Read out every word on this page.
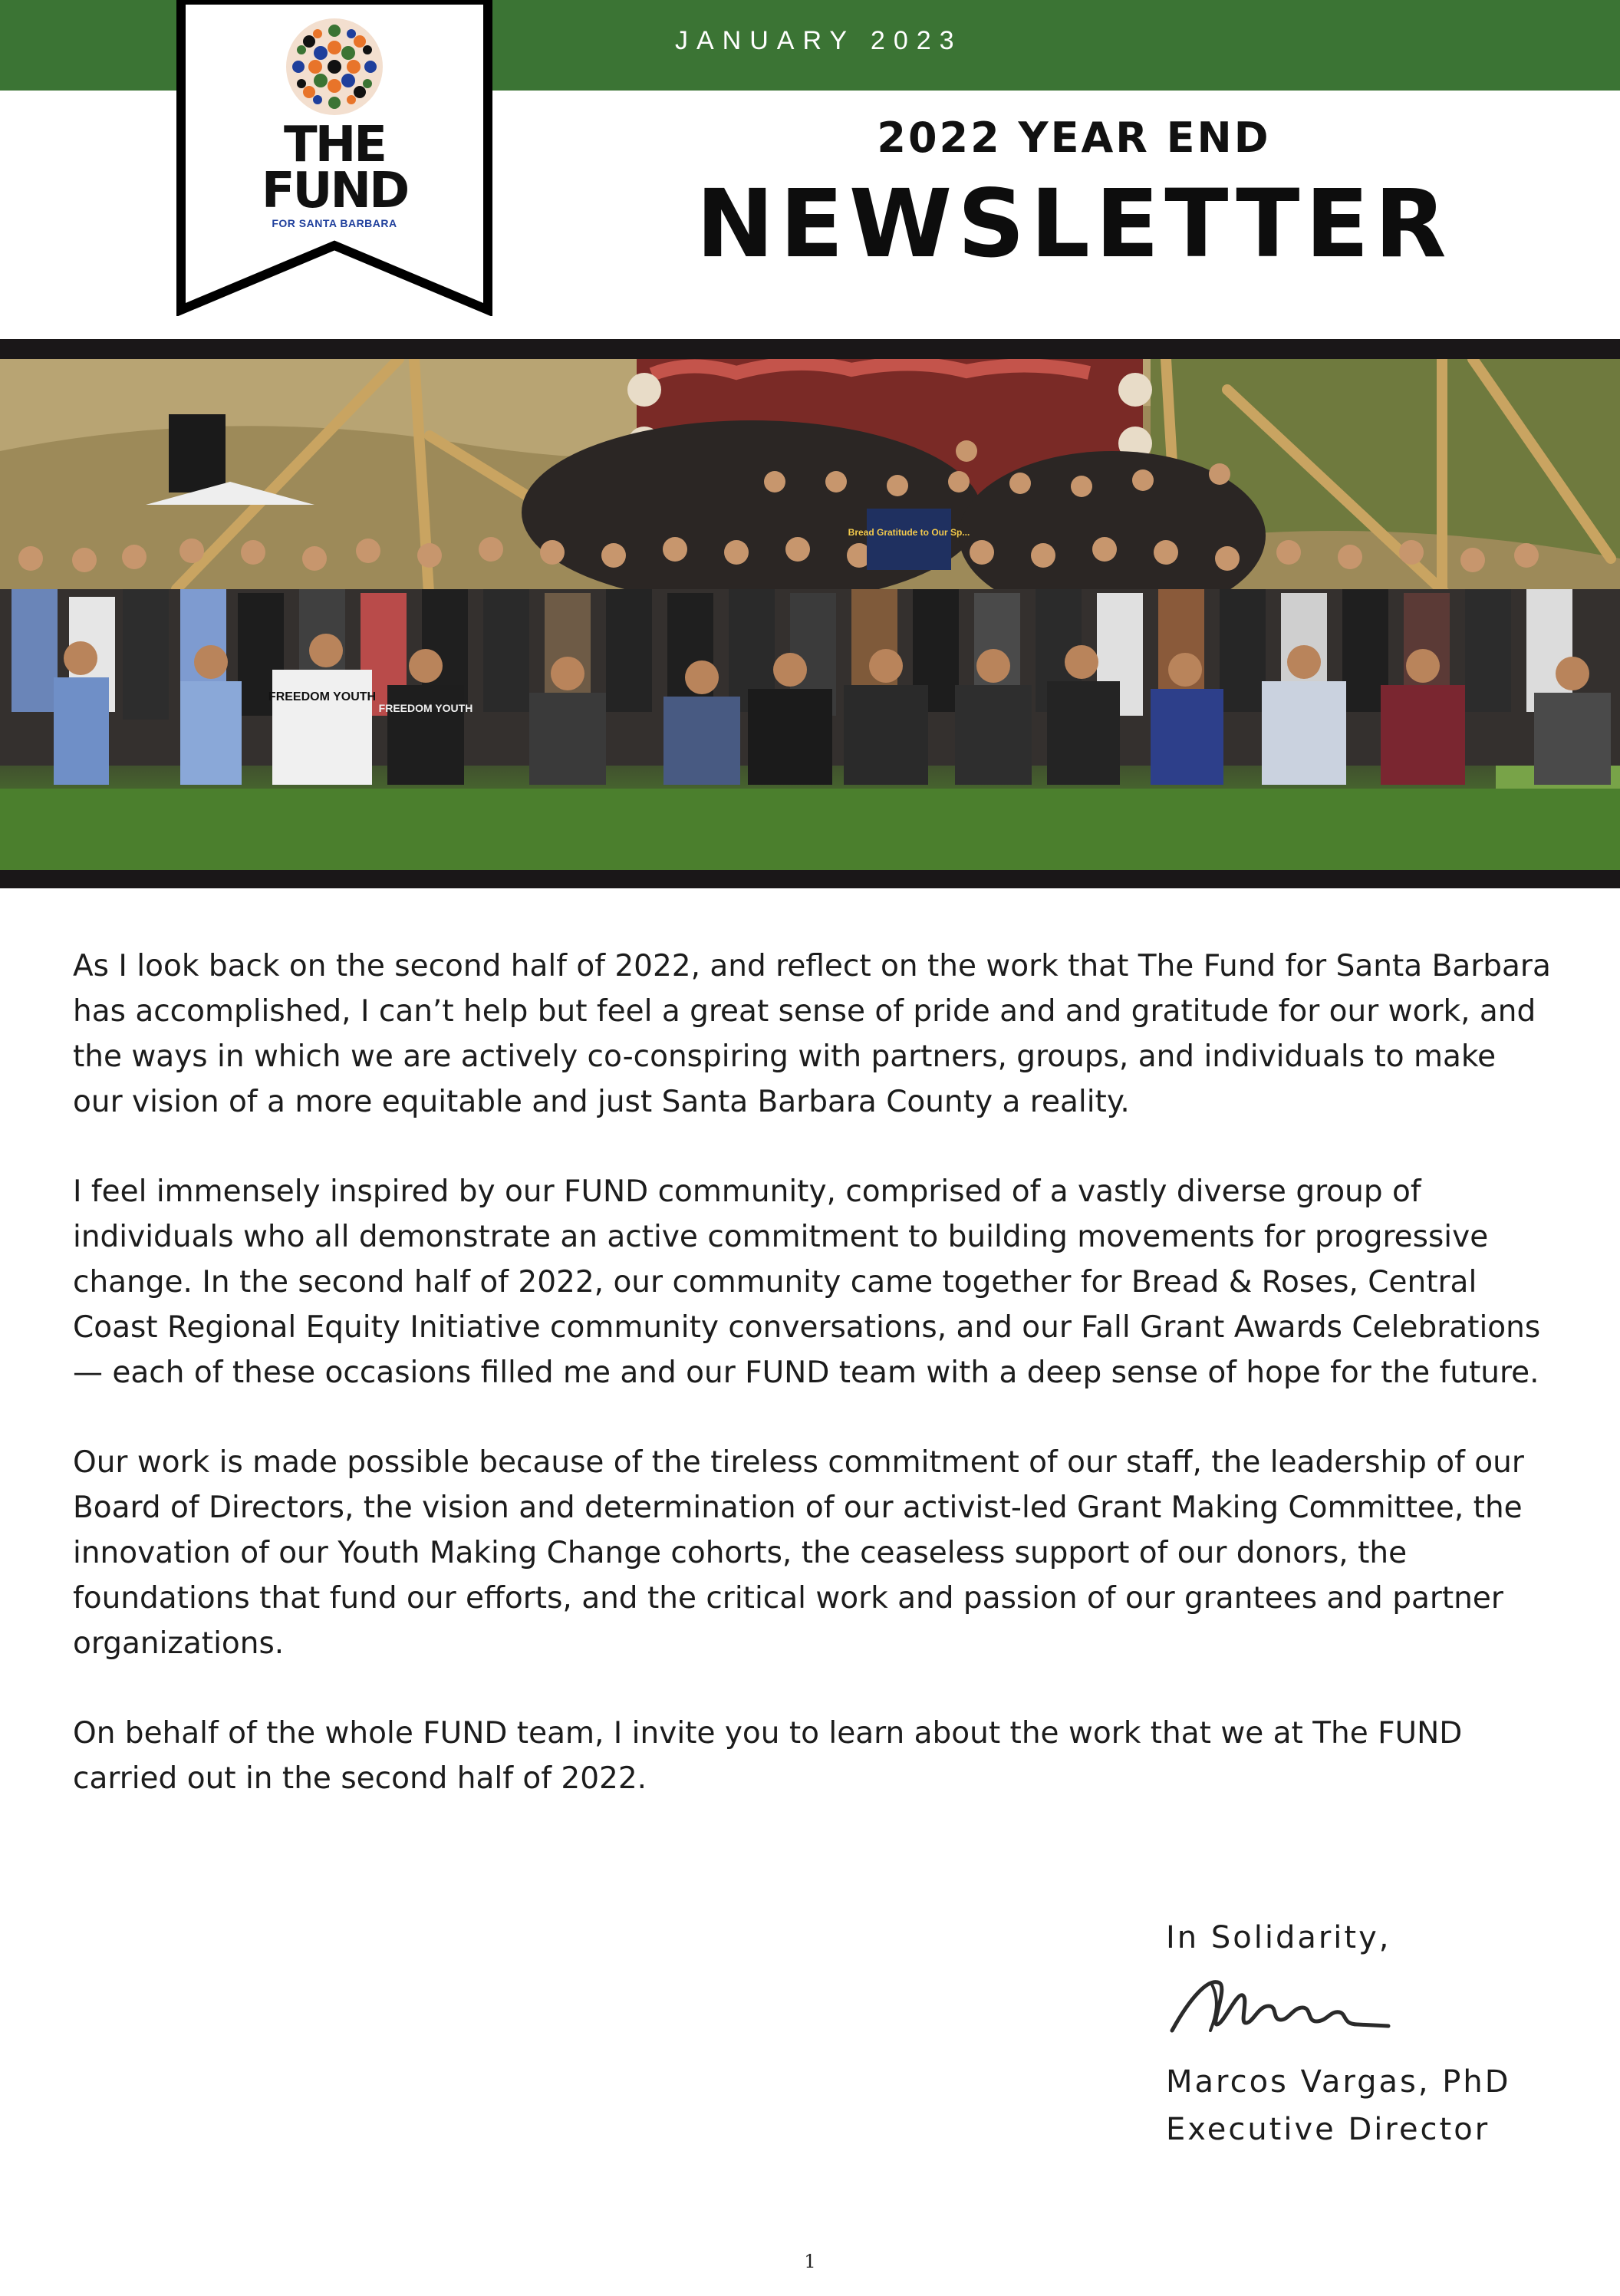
JANUARY 2023
THE
FUND
FOR SANTA BARBARA
2022 YEAR END
NEWSLETTER
FREEDOM YOUTH
FREEDOM YOUTH
Bread Gratitude to Our Sp...

As I look back on the second half of 2022, and reflect on the work that The Fund for Santa Barbara has accomplished, I can’t help but feel a great sense of pride and and gratitude for our work, and the ways in which we are actively co-conspiring with partners, groups, and individuals to make our vision of a more equitable and just Santa Barbara County a reality.

I feel immensely inspired by our FUND community, comprised of a vastly diverse group of individuals who all demonstrate an active commitment to building movements for progressive change. In the second half of 2022, our community came together for Bread & Roses, Central Coast Regional Equity Initiative community conversations, and our Fall Grant Awards Celebrations — each of these occasions filled me and our FUND team with a deep sense of hope for the future.

Our work is made possible because of the tireless commitment of our staff, the leadership of our Board of Directors, the vision and determination of our activist-led Grant Making Committee, the innovation of our Youth Making Change cohorts, the ceaseless support of our donors, the foundations that fund our efforts, and the critical work and passion of our grantees and partner organizations.

On behalf of the whole FUND team, I invite you to learn about the work that we at The FUND carried out in the second half of 2022.

In Solidarity,
Marcos Vargas, PhD
Executive Director
1
